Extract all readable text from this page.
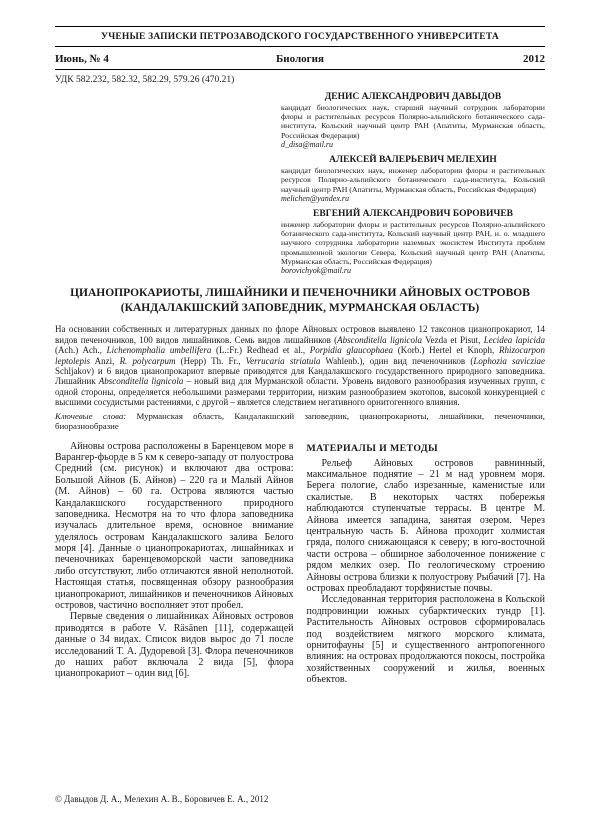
УЧЕНЫЕ ЗАПИСКИ ПЕТРОЗАВОДСКОГО ГОСУДАРСТВЕННОГО УНИВЕРСИТЕТА
Июнь, № 4	Биология	2012
УДК 582.232, 582.32, 582.29, 579.26 (470.21)
ДЕНИС АЛЕКСАНДРОВИЧ ДАВЫДОВ
кандидат биологических наук, старший научный сотрудник лаборатории флоры и растительных ресурсов Полярно-альпийского ботанического сада-института, Кольский научный центр РАН (Апатиты, Мурманская область, Российская Федерация)
d_disa@mail.ru
АЛЕКСЕЙ ВАЛЕРЬЕВИЧ МЕЛЕХИН
кандидат биологических наук, инженер лаборатории флоры и растительных ресурсов Полярно-альпийского ботанического сада-института, Кольский научный центр РАН (Апатиты, Мурманская область, Российская Федерация)
melichen@yandex.ru
ЕВГЕНИЙ АЛЕКСАНДРОВИЧ БОРОВИЧЕВ
инженер лаборатории флоры и растительных ресурсов Полярно-альпийского ботанического сада-института, Кольский научный центр РАН, и. о. младшего научного сотрудника лаборатории наземных экосистем Института проблем промышленной экологии Севера, Кольский научный центр РАН (Апатиты, Мурманская область, Российская Федерация)
borovichyok@mail.ru
ЦИАНОПРОКАРИОТЫ, ЛИШАЙНИКИ И ПЕЧЕНОЧНИКИ АЙНОВЫХ ОСТРОВОВ
(КАНДАЛАКШСКИЙ ЗАПОВЕДНИК, МУРМАНСКАЯ ОБЛАСТЬ)

На основании собственных и литературных данных по флоре Айновых островов выявлено 12 таксонов цианопрокариот, 14 видов печеночников, 100 видов лишайников. Семь видов лишайников (Absconditella lignicola Vezda et Pisut, Lecidea lapicida (Ach.) Ach., Lichenomphalia umbellifera (L.:Fr.) Redhead et al., Porpidia glaucophaea (Korb.) Hertel et Knoph, Rhizocarpon leptolepis Anzi, R. polycarpum (Hepp) Th. Fr., Verrucaria striatula Wahlenb.), один вид печеночников (Lophozia savicziae Schljakov) и 6 видов цианопрокариот впервые приводятся для Кандалакшского государственного природного заповедника. Лишайник Absconditella lignicola – новый вид для Мурманской области. Уровень видового разнообразия изученных групп, с одной стороны, определяется небольшими размерами территории, низким разнообразием экотопов, высокой конкуренцией с высшими сосудистыми растениями, с другой – является следствием негативного орнитогенного влияния.

Ключевые слова: Мурманская область, Кандалакшский заповедник, цианопрокариоты, лишайники, печеночники, биоразнообразие

Айновы острова расположены в Баренцевом море в Варангер-фьорде в 5 км к северо-западу от полуострова Средний (см. рисунок) и включают два острова: Большой Айнов (Б. Айнов) – 220 га и Малый Айнов (М. Айнов) – 60 га. Острова являются частью Кандалакшского государственного природного заповедника. Несмотря на то что флора заповедника изучалась длительное время, основное внимание уделялось островам Кандалакшского залива Белого моря [4]. Данные о цианопрокариотах, лишайниках и печеночниках баренцевоморской части заповедника либо отсутствуют, либо отличаются явной неполнотой. Настоящая статья, посвященная обзору разнообразия цианопрокариот, лишайников и печеночников Айновых островов, частично восполняет этот пробел.

Первые сведения о лишайниках Айновых островов приводятся в работе V. Räsänen [11], содержащей данные о 34 видах. Список видов вырос до 71 после исследований Т. А. Дудоревой [3]. Флора печеночников до наших работ включала 2 вида [5], флора цианопрокариот – один вид [6].

МАТЕРИАЛЫ И МЕТОДЫ

Рельеф Айновых островов равнинный, максимальное поднятие – 21 м над уровнем моря. Берега пологие, слабо изрезанные, каменистые или скалистые. В некоторых частях побережья наблюдаются ступенчатые террасы. В центре М. Айнова имеется западина, занятая озером. Через центральную часть Б. Айнова проходит холмистая гряда, полого снижающаяся к северу; в юго-восточной части острова – обширное заболоченное понижение с рядом мелких озер. По геологическому строению Айновы острова близки к полуострову Рыбачий [7]. На островах преобладают торфянистые почвы.

Исследованная территория расположена в Кольской подпровинции южных субарктических тундр [1]. Растительность Айновых островов сформировалась под воздействием мягкого морского климата, орнитофауны [5] и существенного антропогенного влияния: на островах продолжаются покосы, постройка хозяйственных сооружений и жилья, военных объектов.

© Давыдов Д. А., Мелехин А. В., Боровичев Е. А., 2012
